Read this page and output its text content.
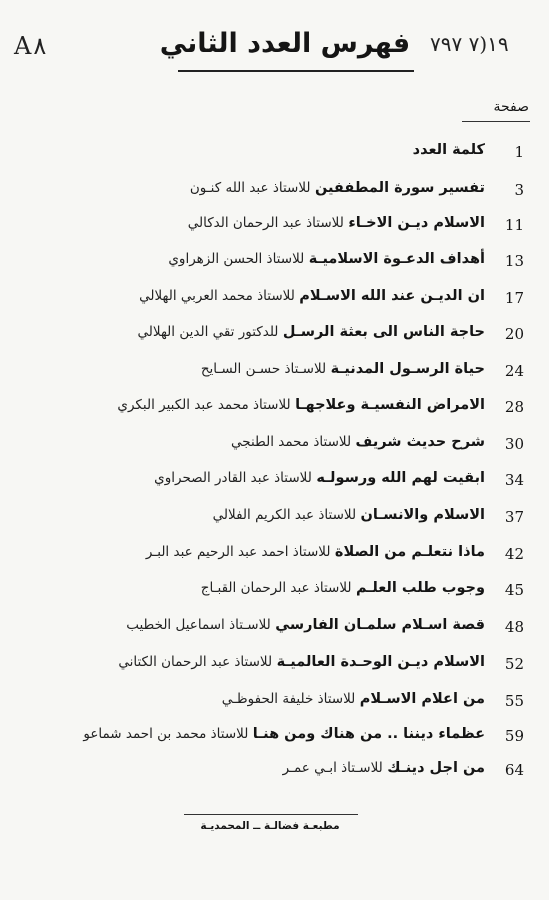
A٨	١٩(٧ ٧٩٧
فهرس العدد الثاني
صفحة
1
كلمة العدد
3
تفسير سورة المطففين للاستاذ عبد الله كنـون
11
الاسلام ديـن الاخـاء للاستاذ عبد الرحمان الدكالي
13
أهداف الدعـوة الاسلاميـة للاستاذ الحسن الزهراوي
17
ان الديـن عند الله الاسـلام للاستاذ محمد العربي الهلالي
20
حاجة الناس الى بعثة الرسـل للدكتور تقي الدين الهلالي
24
حياة الرسـول المدنيـة للاسـتاذ حسـن السـايح
28
الامراض النفسيـة وعلاجهـا للاستاذ محمد عبد الكبير البكري
30
شرح حديث شريف للاستاذ محمد الطنجي
34
ابقيت لهم الله ورسولـه للاستاذ عبد القادر الصحراوي
37
الاسلام والانسـان للاستاذ عبد الكريم الفلالي
42
ماذا نتعلـم من الصلاة للاستاذ احمد عبد الرحيم عبد البـر
45
وجوب طلب العلـم للاستاذ عبد الرحمان القبـاج
48
قصة اسـلام سلمـان الفارسي للاسـتاذ اسماعيل الخطيب
52
الاسلام ديـن الوحـدة العالميـة للاستاذ عبد الرحمان الكتاني
55
من اعلام الاسـلام للاستاذ خليفة الحفوظـي
59
عظماء ديننا .. من هناك ومن هنـا للاستاذ محمد بن احمد شماعو
64
من اجل دينـك للاسـتاذ ابـي عمـر
مطبعـة فضالـة ــ المحمديـة
